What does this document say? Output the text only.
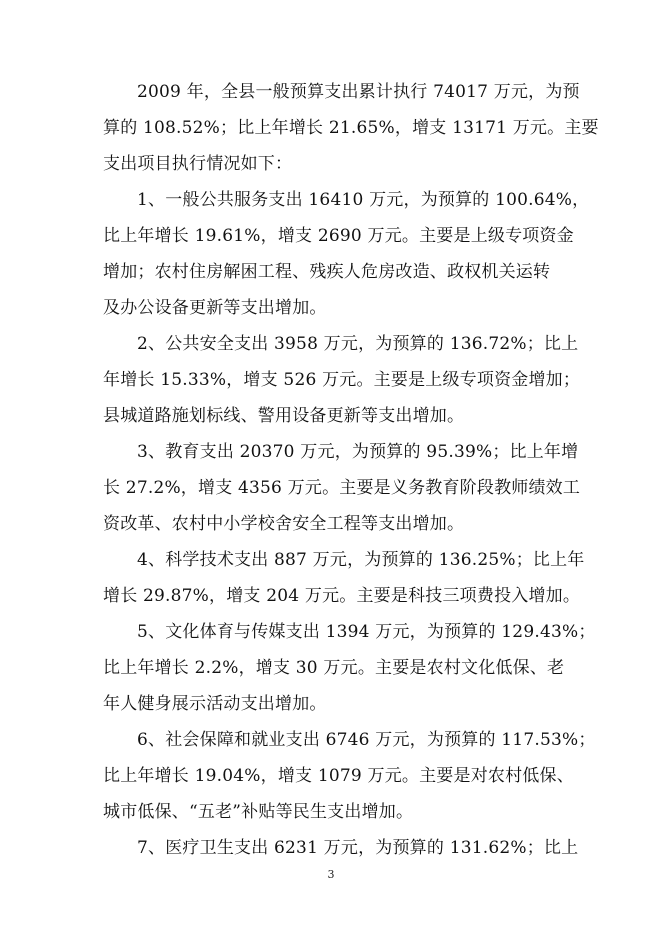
2009 年，全县一般预算支出累计执行 74017 万元，为预
算的 108.52%；比上年增长 21.65%，增支 13171 万元。主要
支出项目执行情况如下：

1、一般公共服务支出 16410 万元，为预算的 100.64%，
比上年增长 19.61%，增支 2690 万元。主要是上级专项资金
增加；农村住房解困工程、残疾人危房改造、政权机关运转
及办公设备更新等支出增加。

2、公共安全支出 3958 万元，为预算的 136.72%；比上
年增长 15.33%，增支 526 万元。主要是上级专项资金增加；
县城道路施划标线、警用设备更新等支出增加。

3、教育支出 20370 万元，为预算的 95.39%；比上年增
长 27.2%，增支 4356 万元。主要是义务教育阶段教师绩效工
资改革、农村中小学校舍安全工程等支出增加。

4、科学技术支出 887 万元，为预算的 136.25%；比上年
增长 29.87%，增支 204 万元。主要是科技三项费投入增加。

5、文化体育与传媒支出 1394 万元，为预算的 129.43%；
比上年增长 2.2%，增支 30 万元。主要是农村文化低保、老
年人健身展示活动支出增加。

6、社会保障和就业支出 6746 万元，为预算的 117.53%；
比上年增长 19.04%，增支 1079 万元。主要是对农村低保、
城市低保、“五老”补贴等民生支出增加。

7、医疗卫生支出 6231 万元，为预算的 131.62%；比上

3
